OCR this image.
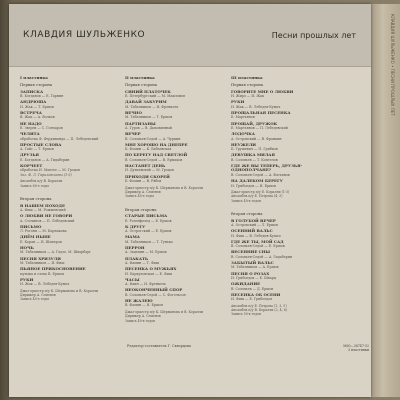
КЛАВДИЯ ШУЛЬЖЕНКО • ПЕСНИ ПРОШЛЫХ ЛЕТ
КЛАВДИЯ ШУЛЬЖЕНКО	Песни прошлых лет
I пластинка
Первая сторона
ЗАПИСКА
В. Богданов — Е. Гарнин
АНДРЮША
И. Жак — Т. Ершов
ВСТРЕЧА
В. Жак — А. Волков
НЕ НАДО
Е. Зверев — С. Гончаров
ЧЕЛИТА
обработка Ф. Фердинанда — П. Лебедевский
ПРОСТЫЕ СЛОВА
А. Гайс — Т. Ершов
ДРУЗЬЯ
Е. Богданов — А. Гидаберин
КОРЧЕЕТ
обработка И. Махтее — М. Гроцов
Зал. Ф. Л. Гараловсконы (1-5)
Ансамбль п/у В. Коралли
Запись 80-е годы
Вторая сторона
В НАШЕМ ПОХОДЕ
А. Фиш — М. Рожменский
О ЛЮБВИ НЕ ГОВОРИ
А. Сточинов — П. Лебедевский
ПИСЬМО
Л. Рогоня — М. Карнакова
ДНЁМ НЫНЕ
Е. Коран — И. Шиперов
НОЧЬ
М. Табачников — А. Гадзе, М. Шварбарг
ПЕСНЯ ХРИЗУЛИ
М. Табачников — И. Фиш
ПЬЯНОЕ ПРИКОСНОВЕНИЕ
музыка и слова В. Ершов
РУКИ
И. Жак — В. Лебедев-Кумач
Джаз-оркестр п/у К. Шерманова и В. Коралли
Дирижер А. Семенов
Запись 40-е годы
II пластинка
Первая сторона
СИНИЙ ПЛАТОЧЕК
Е. Петербургский — М. Максимов
ДАВАЙ ЗАКУРИМ
М. Табачников — И. Френкель
ВЕЧНО
М. Табачников — Т. Ершов
ПАРТИЗАНЫ
А. Гуров — В. Дыховичный
ВЕЧЕР
В. Соловьев-Седой — А. Чуркин
МНЕ ХОРОШО НА ДНЕПРЕ
Б. Фомин — К. Бабаевская
ПО БЕРЕГУ НАД СВЕТЛОЙ
В. Соловьев-Седой — В. Ермаков
НАСТАНЕТ ДЕНЬ
И. Дунаевский — М. Гроцов
ПРИХОДИ СКОРЕЙ
Б. Фомин — В. Рябов
Джаз-оркестр п/у К. Шерманова и В. Коралли
Дирижер А. Семенов
Запись 40-е годы
Вторая сторона
СТАРЫЕ ПИСЬМА
Е. Розенфельд — Е. Ершов
К ДРУГУ
А. Острогский — Е. Ершов
МАМА
М. Табачников — Т. Гунько
ПЕРРОН
А. Зацепин — М. Ершов
ПЛАКАТЬ
А. Фамин — Т. Фиш
ПЕСЕНКА О МУЖЬЯХ
Н. Бархуловская — Е. Фиш
ЧАСЫ
А. Фаин — И. Френкель
НЕОКОНЧЕННЫЙ СПОР
В. Соловьев-Седой — С. Фогельсон
НЕ ЖАЛЕЮ
В. Фамин — И. Ершов
Джаз-оркестр п/у К. Шерманова и В. Коралли
Дирижер А. Семенов
Запись 40-х годов
III пластинка
Первая сторона
ГОВОРИТЕ МНЕ О ЛЮБВИ
Н. Жиро — И. Жак
РУКИ
И. Жак — В. Лебедев-Кумач
ПРОЩАЛЬНАЯ ПЕСЕНКА
Е. Мартьянов
ПРОЩАЙ, ДРУЖОК
Е. Мартьянов — П. Лебедевский
ЛОДОЧКА
А. Островский — В. Франкин
НЕУЖЕЛИ
Б. Грушевич — П. Грибков
ДЕВУШКА МИЛАЯ
В. Соловьев — Т. Коптелов
ГДЕ ЖЕ ВЫ ТЕПЕРЬ, ДРУЗЬЯ-ОДНОПОЛЧАНЕ?
В. Соловьев-Седой — А. Фатьянов
НА ДАЛЕКОМ БЕРЕГУ
И. Грибоедов — И. Ершов
Джаз-оркестр п/у Е. Коралли (1-3)
Ансамбль п/у Е. Петрова (4, 5)
Запись 40-х годов
Вторая сторона
В ГОЛУБОЙ ВЕЧЕР
А. Островский — Л. Ершов
ОСЕННИЙ ВАЛЬС
И. Фиш — В. Лебедев-Кумач
ГДЕ ЖЕ ТЫ, МОЙ САД
В. Соловьев-Седой — Е. Ершов
ВЕСЕННИЕ СНЫ
В. Соловьев-Седой — А. Гидаберин
ЗАБЫТЫЙ ВАЛЬС
М. Табачников — А. Ершов
ПЕСНЯ О РОЗАХ
И. Грибоедов — Е. Шварц
ОЖИДАНИЕ
В. Соловьев — Д. Ершов
ПЕСЕНКА ОБ ОСЕНИ
И. Фиш — Е. Грибоедов
Ансамбль п/у Е. Петрова (1, 3, 5)
Ансамбль п/у В. Коралли (2, 4, 6)
Запись 50-х годов
Редактор-составитель Г. Скворцова	М60—38747-52
3 пластинки
